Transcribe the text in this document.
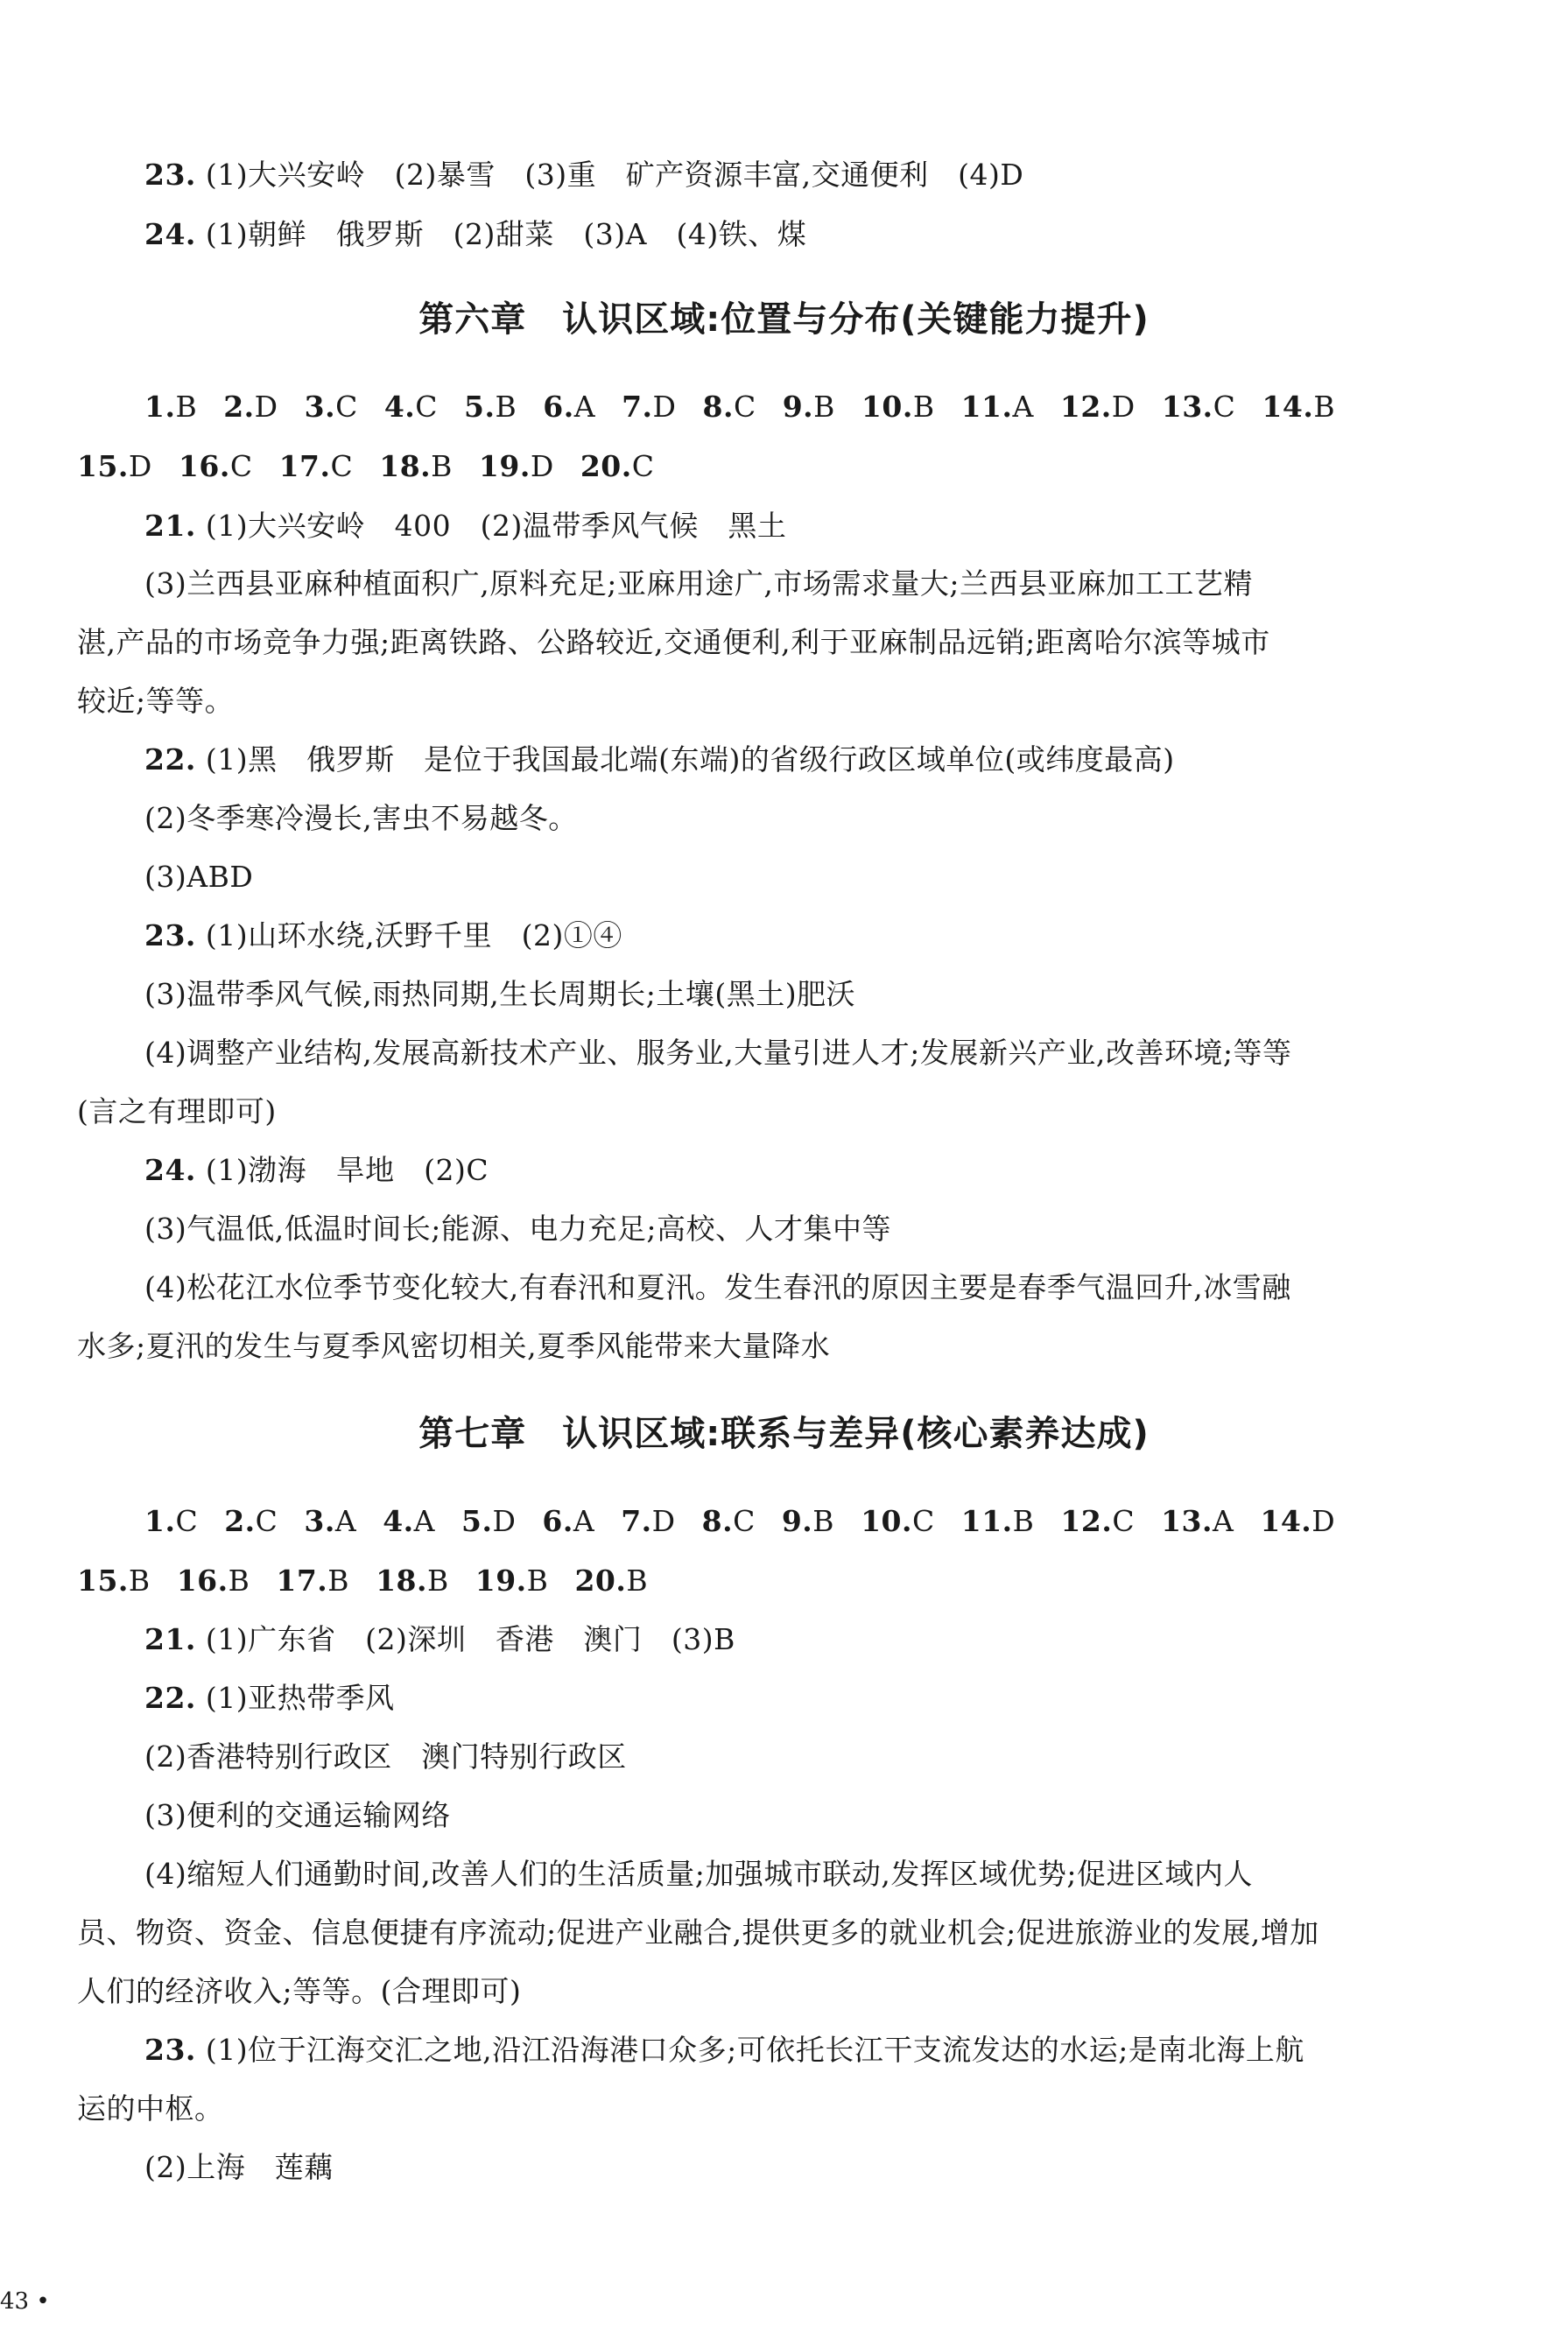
23. (1)大兴安岭　(2)暴雪　(3)重　矿产资源丰富,交通便利　(4)D
24. (1)朝鲜　俄罗斯　(2)甜菜　(3)A　(4)铁、煤
第六章　认识区域:位置与分布(关键能力提升)
1.B 2.D 3.C 4.C 5.B 6.A 7.D 8.C 9.B 10.B 11.A 12.D 13.C 14.B
15.D 16.C 17.C 18.B 19.D 20.C
21. (1)大兴安岭　400　(2)温带季风气候　黑土
(3)兰西县亚麻种植面积广,原料充足;亚麻用途广,市场需求量大;兰西县亚麻加工工艺精
湛,产品的市场竞争力强;距离铁路、公路较近,交通便利,利于亚麻制品远销;距离哈尔滨等城市
较近;等等。
22. (1)黑　俄罗斯　是位于我国最北端(东端)的省级行政区域单位(或纬度最高)
(2)冬季寒冷漫长,害虫不易越冬。
(3)ABD
23. (1)山环水绕,沃野千里　(2)①④
(3)温带季风气候,雨热同期,生长周期长;土壤(黑土)肥沃
(4)调整产业结构,发展高新技术产业、服务业,大量引进人才;发展新兴产业,改善环境;等等
(言之有理即可)
24. (1)渤海　旱地　(2)C
(3)气温低,低温时间长;能源、电力充足;高校、人才集中等
(4)松花江水位季节变化较大,有春汛和夏汛。发生春汛的原因主要是春季气温回升,冰雪融
水多;夏汛的发生与夏季风密切相关,夏季风能带来大量降水
第七章　认识区域:联系与差异(核心素养达成)
1.C 2.C 3.A 4.A 5.D 6.A 7.D 8.C 9.B 10.C 11.B 12.C 13.A 14.D
15.B 16.B 17.B 18.B 19.B 20.B
21. (1)广东省　(2)深圳　香港　澳门　(3)B
22. (1)亚热带季风
(2)香港特别行政区　澳门特别行政区
(3)便利的交通运输网络
(4)缩短人们通勤时间,改善人们的生活质量;加强城市联动,发挥区域优势;促进区域内人
员、物资、资金、信息便捷有序流动;促进产业融合,提供更多的就业机会;促进旅游业的发展,增加
人们的经济收入;等等。(合理即可)
23. (1)位于江海交汇之地,沿江沿海港口众多;可依托长江干支流发达的水运;是南北海上航
运的中枢。
(2)上海　莲藕
43 •
